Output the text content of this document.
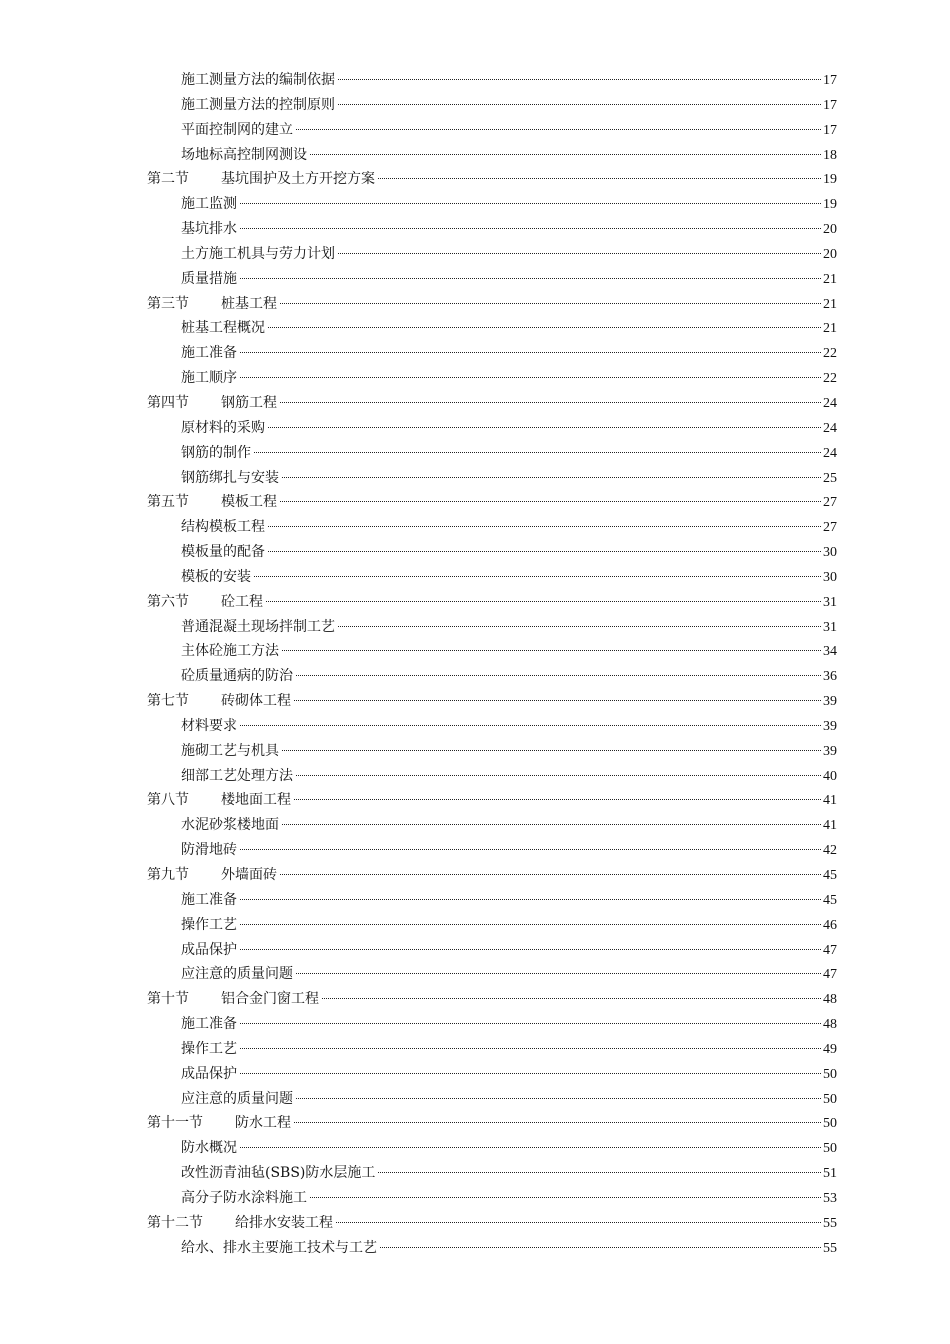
施工测量方法的编制依据	17
施工测量方法的控制原则	17
平面控制网的建立	17
场地标高控制网测设	18
第二节 基坑围护及土方开挖方案	19
施工监测	19
基坑排水	20
土方施工机具与劳力计划	20
质量措施	21
第三节 桩基工程	21
桩基工程概况	21
施工准备	22
施工顺序	22
第四节 钢筋工程	24
原材料的采购	24
钢筋的制作	24
钢筋绑扎与安装	25
第五节 模板工程	27
结构模板工程	27
模板量的配备	30
模板的安装	30
第六节 砼工程	31
普通混凝土现场拌制工艺	31
主体砼施工方法	34
砼质量通病的防治	36
第七节 砖砌体工程	39
材料要求	39
施砌工艺与机具	39
细部工艺处理方法	40
第八节 楼地面工程	41
水泥砂浆楼地面	41
防滑地砖	42
第九节 外墙面砖	45
施工准备	45
操作工艺	46
成品保护	47
应注意的质量问题	47
第十节 铝合金门窗工程	48
施工准备	48
操作工艺	49
成品保护	50
应注意的质量问题	50
第十一节 防水工程	50
防水概况	50
改性沥青油毡(SBS)防水层施工	51
高分子防水涂料施工	53
第十二节 给排水安装工程	55
给水、排水主要施工技术与工艺	55
